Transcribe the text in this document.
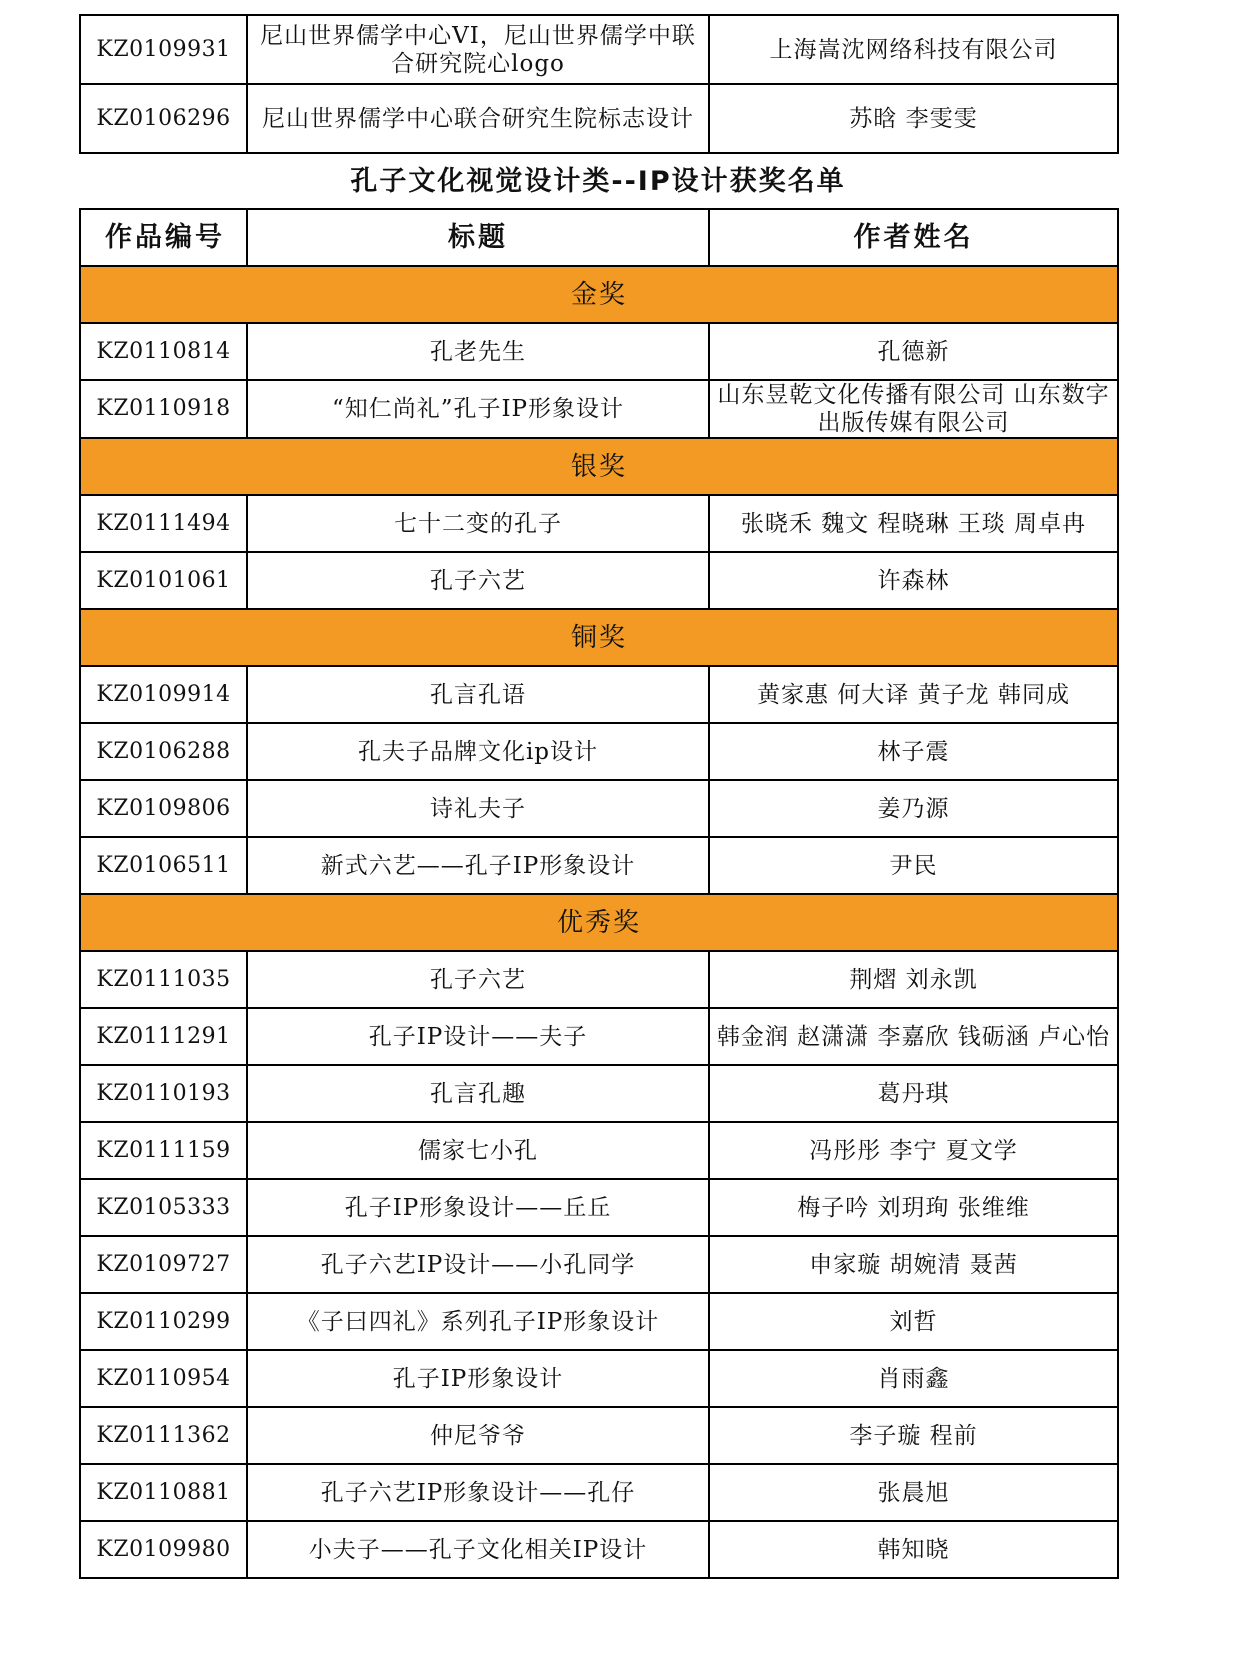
KZ0109931	尼山世界儒学中心VI，尼山世界儒学中联合研究院心logo	上海嵩沈网络科技有限公司
KZ0106296	尼山世界儒学中心联合研究生院标志设计	苏晗 李雯雯
孔子文化视觉设计类--IP设计获奖名单
作品编号	标题	作者姓名
金奖		
KZ0110814	孔老先生	孔德新
KZ0110918	“知仁尚礼”孔子IP形象设计	山东昱乾文化传播有限公司 山东数字出版传媒有限公司
银奖		
KZ0111494	七十二变的孔子	张晓禾 魏文 程晓琳 王琰 周卓冉
KZ0101061	孔子六艺	许森林
铜奖		
KZ0109914	孔言孔语	黄家惠 何大译 黄子龙 韩同成
KZ0106288	孔夫子品牌文化ip设计	林子震
KZ0109806	诗礼夫子	姜乃源
KZ0106511	新式六艺——孔子IP形象设计	尹民
优秀奖		
KZ0111035	孔子六艺	荆熠 刘永凯
KZ0111291	孔子IP设计——夫子	韩金润 赵潇潇 李嘉欣 钱砺涵 卢心怡
KZ0110193	孔言孔趣	葛丹琪
KZ0111159	儒家七小孔	冯彤彤 李宁 夏文学
KZ0105333	孔子IP形象设计——丘丘	梅子吟 刘玥珣 张维维
KZ0109727	孔子六艺IP设计——小孔同学	申家璇 胡婉清 聂茜
KZ0110299	《子曰四礼》系列孔子IP形象设计	刘哲
KZ0110954	孔子IP形象设计	肖雨鑫
KZ0111362	仲尼爷爷	李子璇 程前
KZ0110881	孔子六艺IP形象设计——孔仔	张晨旭
KZ0109980	小夫子——孔子文化相关IP设计	韩知晓
